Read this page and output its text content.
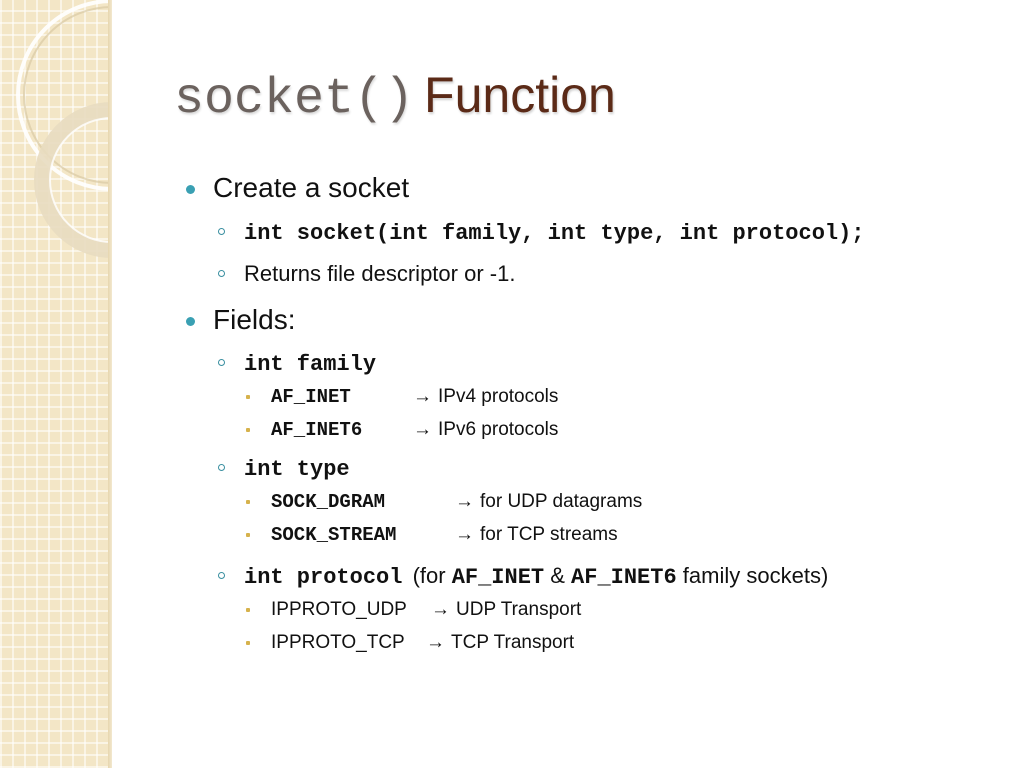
socket() Function
Create a socket
int socket(int family, int type, int protocol);
Returns file descriptor or -1.
Fields:
int family
AF_INET	→ IPv4 protocols
AF_INET6	→ IPv6 protocols
int type
SOCK_DGRAM	→ for UDP datagrams
SOCK_STREAM	→ for TCP streams
int protocol (for AF_INET & AF_INET6 family sockets)
IPPROTO_UDP → UDP Transport
IPPROTO_TCP → TCP Transport
